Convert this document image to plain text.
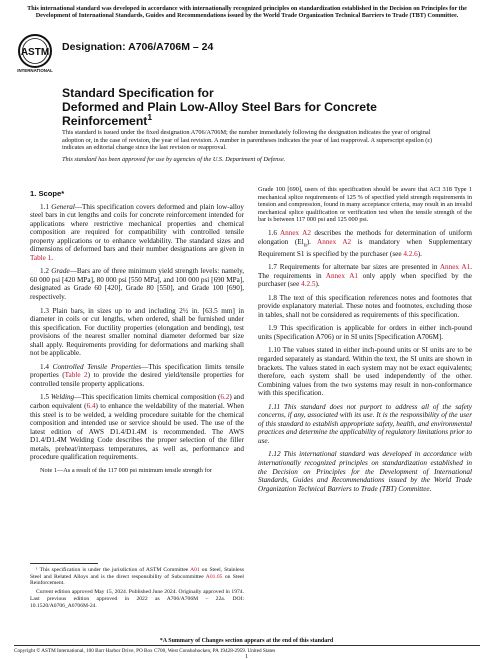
This international standard was developed in accordance with internationally recognized principles on standardization established in the Decision on Principles for the Development of International Standards, Guides and Recommendations issued by the World Trade Organization Technical Barriers to Trade (TBT) Committee.
ASTM
INTERNATIONAL
Designation: A706/A706M – 24
Standard Specification for
Deformed and Plain Low-Alloy Steel Bars for Concrete
Reinforcement$^1$

This standard is issued under the fixed designation A706/A706M; the number immediately following the designation indicates the year of original adoption or, in the case of revision, the year of last revision. A number in parentheses indicates the year of last reapproval. A superscript epsilon (ε) indicates an editorial change since the last revision or reapproval.

This standard has been approved for use by agencies of the U.S. Department of Defense.

1. Scope*

1.1 General—This specification covers deformed and plain low-alloy steel bars in cut lengths and coils for concrete reinforcement intended for applications where restrictive mechanical properties and chemical composition are required for compatibility with controlled tensile property applications or to enhance weldability. The standard sizes and dimensions of deformed bars and their number designations are given in Table 1.

1.2 Grade—Bars are of three minimum yield strength levels: namely, 60 000 psi [420 MPa], 80 000 psi [550 MPa], and 100 000 psi [690 MPa], designated as Grade 60 [420], Grade 80 [550], and Grade 100 [690], respectively.

1.3 Plain bars, in sizes up to and including 2½ in. [63.5 mm] in diameter in coils or cut lengths, when ordered, shall be furnished under this specification. For ductility properties (elongation and bending), test provisions of the nearest smaller nominal diameter deformed bar size shall apply. Requirements providing for deformations and marking shall not be applicable.

1.4 Controlled Tensile Properties—This specification limits tensile properties (Table 2) to provide the desired yield/tensile properties for controlled tensile property applications.

1.5 Welding—This specification limits chemical composition (6.2) and carbon equivalent (6.4) to enhance the weldability of the material. When this steel is to be welded, a welding procedure suitable for the chemical composition and intended use or service should be used. The use of the latest edition of AWS D1.4/D1.4M is recommended. The AWS D1.4/D1.4M Welding Code describes the proper selection of the filler metals, preheat/interpass temperatures, as well as, performance and procedure qualification requirements.

Note 1—As a result of the 117 000 psi minimum tensile strength for

Grade 100 [690], users of this specification should be aware that ACI 318 Type 1 mechanical splice requirements of 125 % of specified yield strength requirements in tension and compression, found in many acceptance criteria, may result in an invalid mechanical splice qualification or verification test when the tensile strength of the bar is between 117 000 psi and 125 000 psi.

1.6 Annex A2 describes the methods for determination of uniform elongation $(El_u)$. Annex A2 is mandatory when Supplementary Requirement S1 is specified by the purchaser (see 4.2.6).

1.7 Requirements for alternate bar sizes are presented in Annex A1. The requirements in Annex A1 only apply when specified by the purchaser (see 4.2.5).

1.8 The text of this specification references notes and footnotes that provide explanatory material. These notes and footnotes, excluding those in tables, shall not be considered as requirements of this specification.

1.9 This specification is applicable for orders in either inch-pound units (Specification A706) or in SI units [Specification A706M].

1.10 The values stated in either inch-pound units or SI units are to be regarded separately as standard. Within the text, the SI units are shown in brackets. The values stated in each system may not be exact equivalents; therefore, each system shall be used independently of the other. Combining values from the two systems may result in non-conformance with this specification.

1.11 This standard does not purport to address all of the safety concerns, if any, associated with its use. It is the responsibility of the user of this standard to establish appropriate safety, health, and environmental practices and determine the applicability of regulatory limitations prior to use.

1.12 This international standard was developed in accordance with internationally recognized principles on standardization established in the Decision on Principles for the Development of International Standards, Guides and Recommendations issued by the World Trade Organization Technical Barriers to Trade (TBT) Committee.

¹ This specification is under the jurisdiction of ASTM Committee A01 on Steel, Stainless Steel and Related Alloys and is the direct responsibility of Subcommittee A01.05 on Steel Reinforcement.

Current edition approved May 15, 2024. Published June 2024. Originally approved in 1974. Last previous edition approved in 2022 as A706/A706M – 22a. DOI: 10.1520/A0706_A0706M-24.

*A Summary of Changes section appears at the end of this standard
Copyright © ASTM International, 100 Barr Harbor Drive, PO Box C700, West Conshohocken, PA 19428-2959. United States
1
